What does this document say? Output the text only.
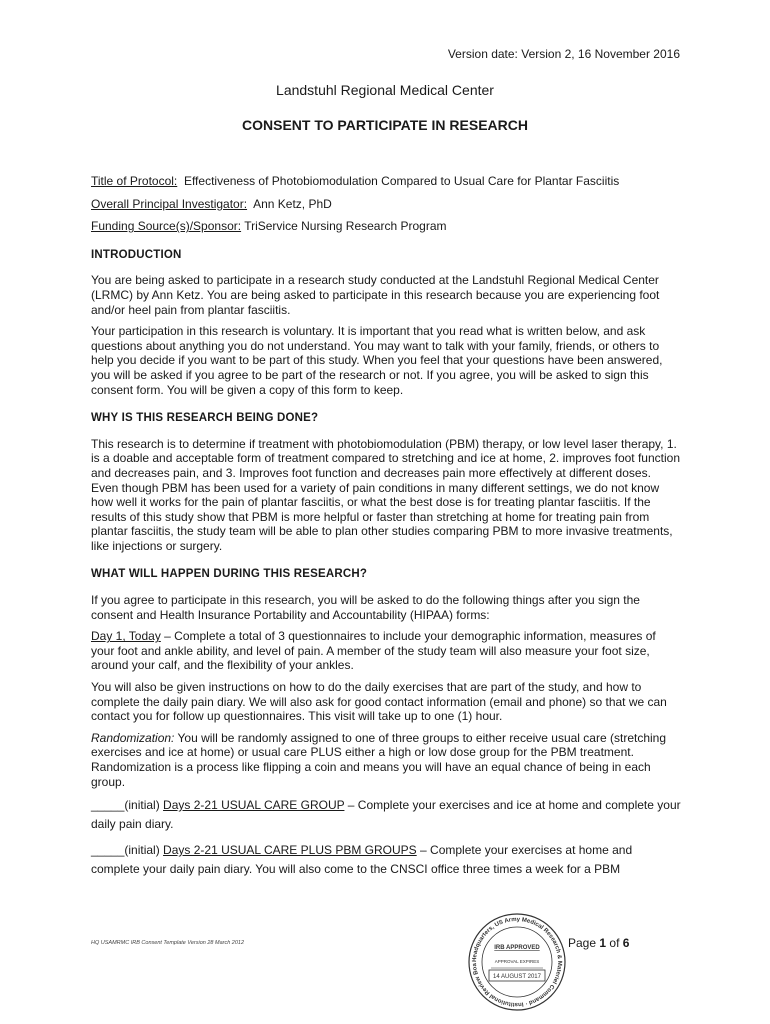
Version date: Version 2, 16 November 2016
Landstuhl Regional Medical Center
CONSENT TO PARTICIPATE IN RESEARCH
Title of Protocol: Effectiveness of Photobiomodulation Compared to Usual Care for Plantar Fasciitis
Overall Principal Investigator: Ann Ketz, PhD
Funding Source(s)/Sponsor: TriService Nursing Research Program
INTRODUCTION

You are being asked to participate in a research study conducted at the Landstuhl Regional Medical Center (LRMC) by Ann Ketz. You are being asked to participate in this research because you are experiencing foot and/or heel pain from plantar fasciitis.

Your participation in this research is voluntary. It is important that you read what is written below, and ask questions about anything you do not understand. You may want to talk with your family, friends, or others to help you decide if you want to be part of this study. When you feel that your questions have been answered, you will be asked if you agree to be part of the research or not. If you agree, you will be asked to sign this consent form. You will be given a copy of this form to keep.

WHY IS THIS RESEARCH BEING DONE?

This research is to determine if treatment with photobiomodulation (PBM) therapy, or low level laser therapy, 1. is a doable and acceptable form of treatment compared to stretching and ice at home, 2. improves foot function and decreases pain, and 3. Improves foot function and decreases pain more effectively at different doses. Even though PBM has been used for a variety of pain conditions in many different settings, we do not know how well it works for the pain of plantar fasciitis, or what the best dose is for treating plantar fasciitis. If the results of this study show that PBM is more helpful or faster than stretching at home for treating pain from plantar fasciitis, the study team will be able to plan other studies comparing PBM to more invasive treatments, like injections or surgery.

WHAT WILL HAPPEN DURING THIS RESEARCH?

If you agree to participate in this research, you will be asked to do the following things after you sign the consent and Health Insurance Portability and Accountability (HIPAA) forms:

Day 1, Today – Complete a total of 3 questionnaires to include your demographic information, measures of your foot and ankle ability, and level of pain. A member of the study team will also measure your foot size, around your calf, and the flexibility of your ankles.

You will also be given instructions on how to do the daily exercises that are part of the study, and how to complete the daily pain diary. We will also ask for good contact information (email and phone) so that we can contact you for follow up questionnaires. This visit will take up to one (1) hour.

Randomization: You will be randomly assigned to one of three groups to either receive usual care (stretching exercises and ice at home) or usual care PLUS either a high or low dose group for the PBM treatment. Randomization is a process like flipping a coin and means you will have an equal chance of being in each group.

_____(initial) Days 2-21 USUAL CARE GROUP – Complete your exercises and ice at home and complete your daily pain diary.

_____(initial) Days 2-21 USUAL CARE PLUS PBM GROUPS – Complete your exercises at home and complete your daily pain diary. You will also come to the CNSCI office three times a week for a PBM

HQ USAMRMC IRB Consent Template Version 28 March 2012	Page 1 of 6
Headquarters, US Army Medical Research & Materiel Command · Institutional Review Boa
IRB APPROVED
APPROVAL EXPIRES
14 AUGUST 2017
